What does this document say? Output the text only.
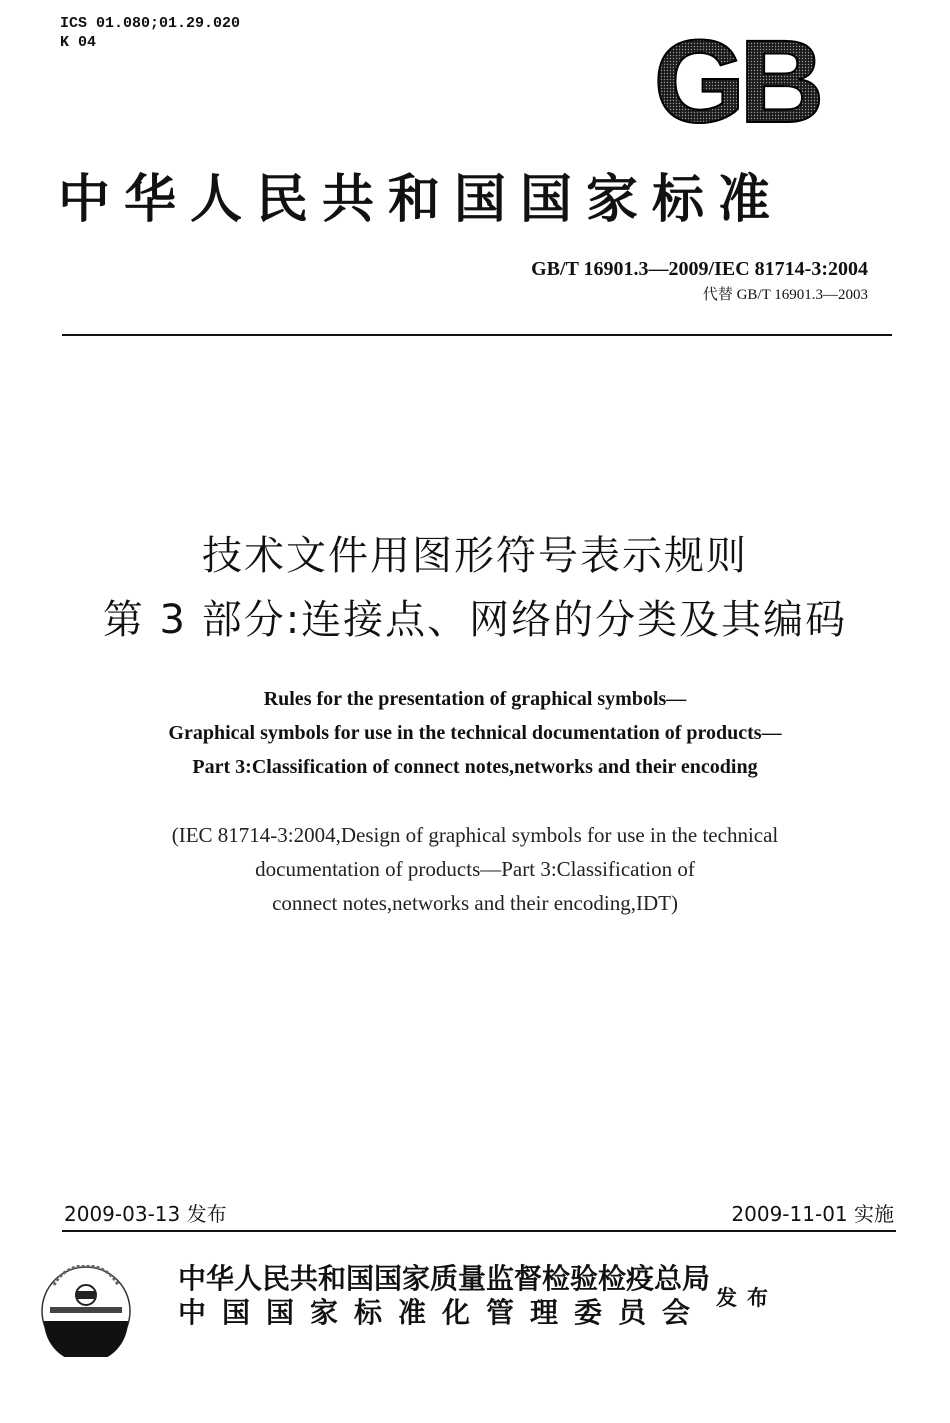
ICS 01.080;01.29.020
K 04	GB
中华人民共和国国家标准
GB/T 16901.3—2009/IEC 81714-3:2004
代替 GB/T 16901.3—2003
技术文件用图形符号表示规则
第 3 部分:连接点、网络的分类及其编码
Rules for the presentation of graphical symbols—
Graphical symbols for use in the technical documentation of products—
Part 3:Classification of connect notes,networks and their encoding
(IEC 81714-3:2004,Design of graphical symbols for use in the technical
documentation of products—Part 3:Classification of
connect notes,networks and their encoding,IDT)
2009-03-13 发布	2009-11-01 实施
中华人民共和国国家质量监督检验检疫总局
中国国家标准化管理委员会 发布
